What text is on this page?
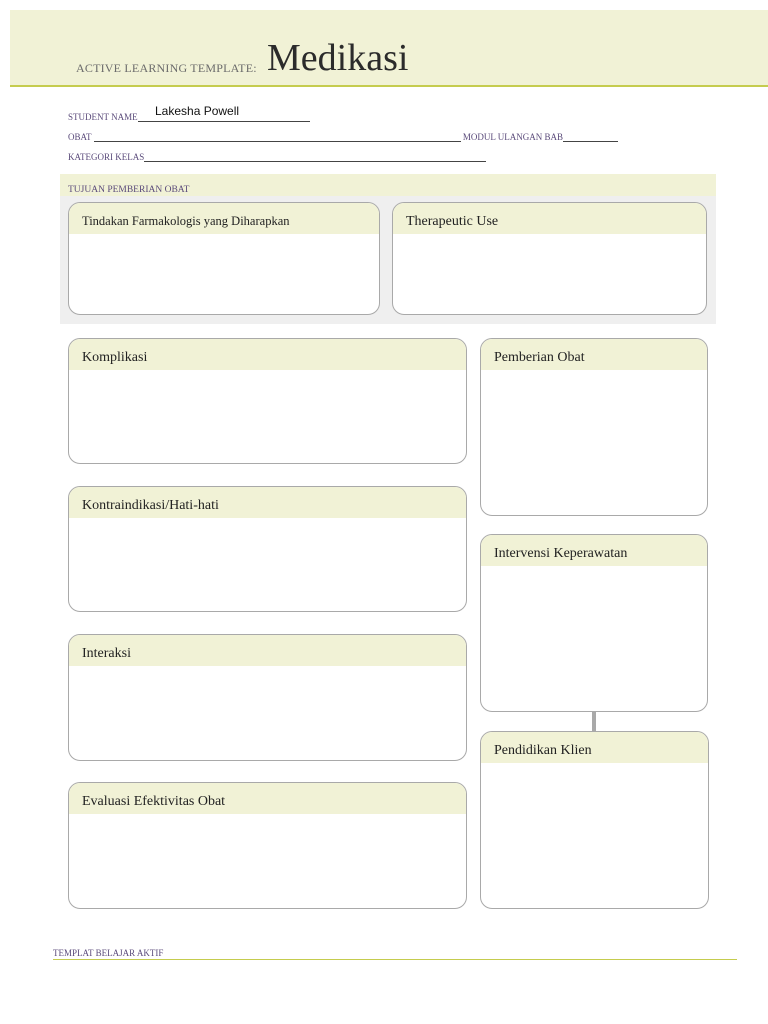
ACTIVE LEARNING TEMPLATE: Medikasi
STUDENT NAME	Lakesha Powell
OBAT	MODUL ULANGAN BAB
KATEGORI KELAS
TUJUAN PEMBERIAN OBAT
Tindakan Farmakologis yang Diharapkan	Therapeutic Use
Komplikasi
Kontraindikasi/Hati-hati
Interaksi
Evaluasi Efektivitas Obat
Pemberian Obat
Intervensi Keperawatan
Pendidikan Klien
TEMPLAT BELAJAR AKTIF
